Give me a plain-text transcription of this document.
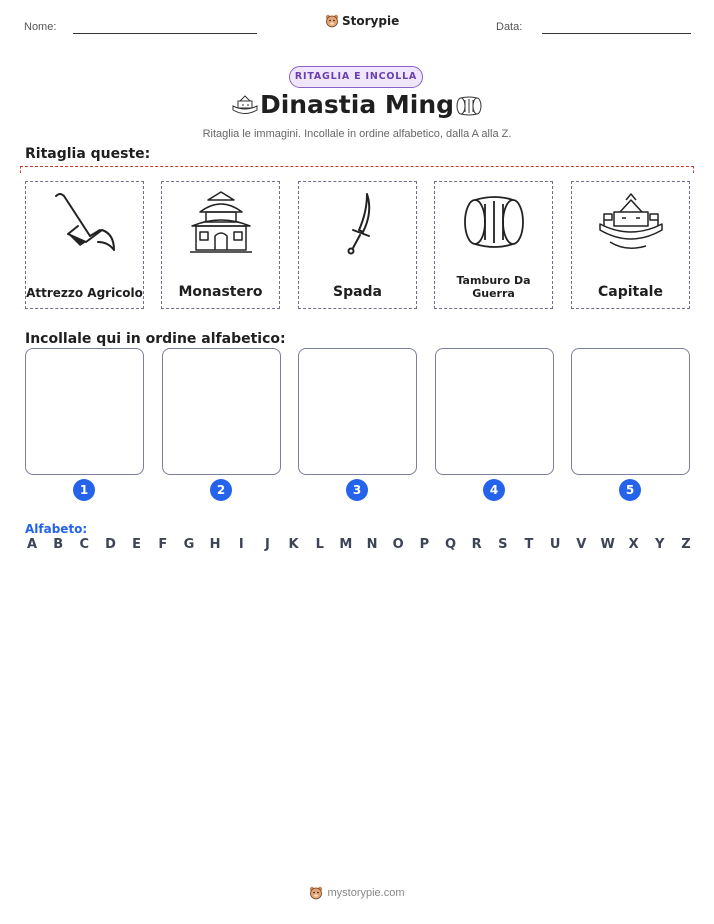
Nome:	Storypie	Data:
RITAGLIA E INCOLLA
Dinastia Ming
Ritaglia le immagini. Incollale in ordine alfabetico, dalla A alla Z.
Ritaglia queste:
Attrezzo Agricolo	Monastero	Spada
Tamburo Da Guerra	Capitale
Incollale qui in ordine alfabetico:
1	2	3	4	5
Alfabeto:
A B C D E F G H	I	J	K L M N O P Q R S T U V W X Y Z
mystorypie.com
